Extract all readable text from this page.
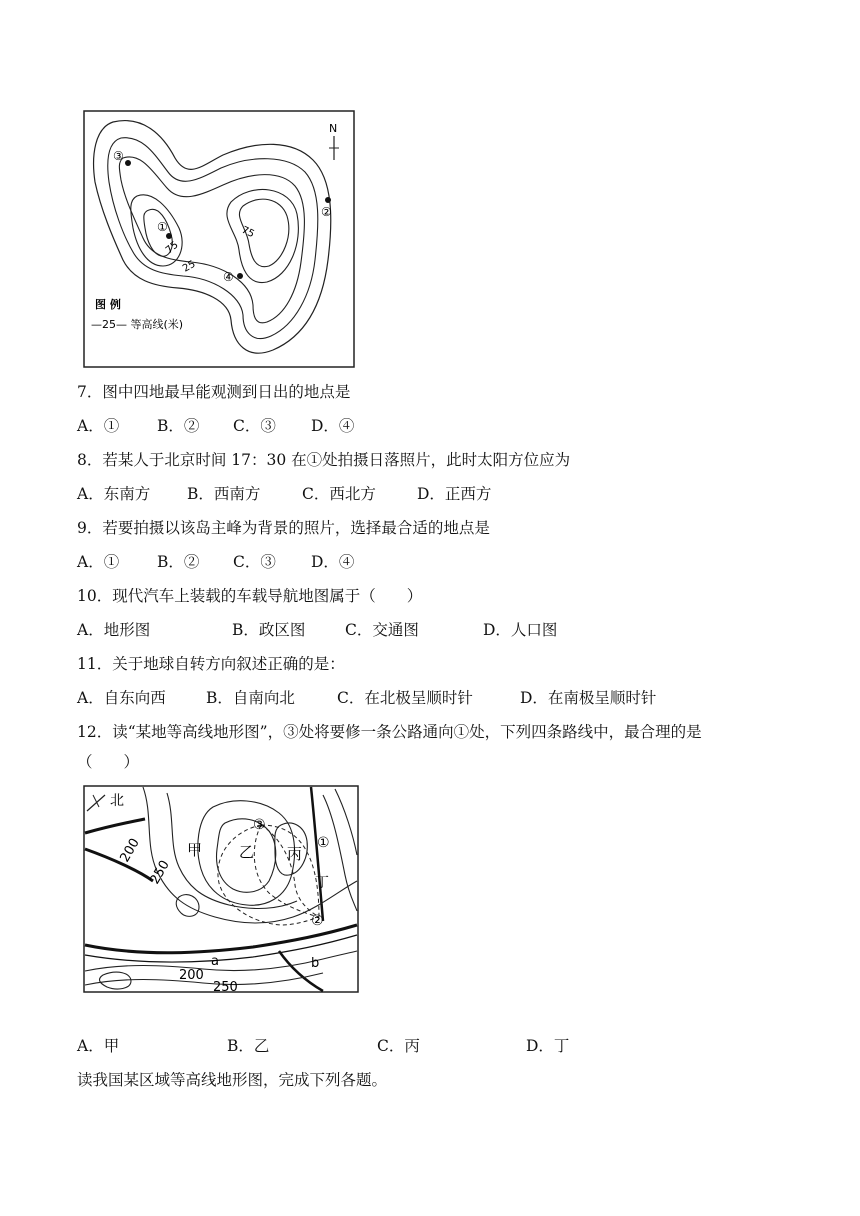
N
③
②
①
④
75
75
25
图 例
—25— 等高线(米)
7．图中四地最早能观测到日出的地点是
A．① B．② C．③ D．④
8．若某人于北京时间 17：30 在①处拍摄日落照片，此时太阳方位应为
A．东南方 B．西南方	C．西北方	D．正西方
9．若要拍摄以该岛主峰为背景的照片，选择最合适的地点是
A．① B．② C．③ D．④
10．现代汽车上装载的车载导航地图属于（　　）
A．地形图	B．政区图	C．交通图	D．人口图
11．关于地球自转方向叙述正确的是：
A．自东向西	B．自南向北	C．在北极呈顺时针	D．在南极呈顺时针
12．读“某地等高线地形图”，③处将要修一条公路通向①处，下列四条路线中，最合理的是
（　　）
北
200
250
甲 乙 丙
③
①
丁
②
a	b
200
250
A．甲	B．乙	C．丙	D．丁
读我国某区域等高线地形图，完成下列各题。
